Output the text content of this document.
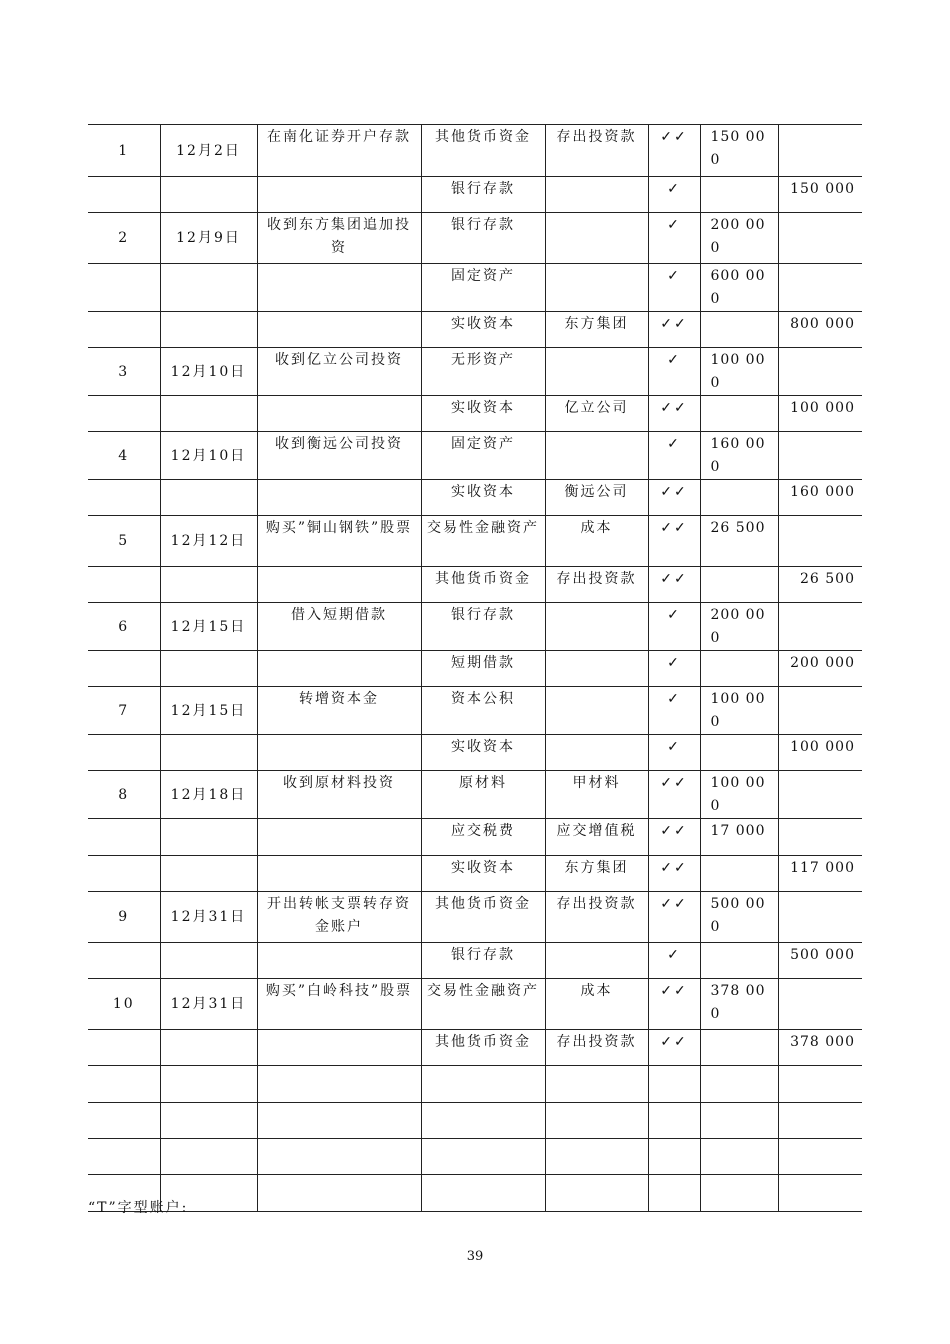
1	12月2日	在南化证券开户存款	其他货币资金	存出投资款	✓✓	150 000	
			银行存款		✓		150 000
2	12月9日	收到东方集团追加投资	银行存款		✓	200 000	
			固定资产		✓	600 000	
			实收资本	东方集团	✓✓		800 000
3	12月10日	收到亿立公司投资	无形资产		✓	100 000	
			实收资本	亿立公司	✓✓		100 000
4	12月10日	收到衡远公司投资	固定资产		✓	160 000	
			实收资本	衡远公司	✓✓		160 000
5	12月12日	购买”铜山钢铁”股票	交易性金融资产	成本	✓✓	26 500	
			其他货币资金	存出投资款	✓✓		26 500
6	12月15日	借入短期借款	银行存款		✓	200 000	
			短期借款		✓		200 000
7	12月15日	转增资本金	资本公积		✓	100 000	
			实收资本		✓		100 000
8	12月18日	收到原材料投资	原材料	甲材料	✓✓	100 000	
			应交税费	应交增值税	✓✓	17 000	
			实收资本	东方集团	✓✓		117 000
9	12月31日	开出转帐支票转存资金账户	其他货币资金	存出投资款	✓✓	500 000	
			银行存款		✓		500 000
10	12月31日	购买”白岭科技”股票	交易性金融资产	成本	✓✓	378 000	
			其他货币资金	存出投资款	✓✓		378 000

“T”字型账户:
39
